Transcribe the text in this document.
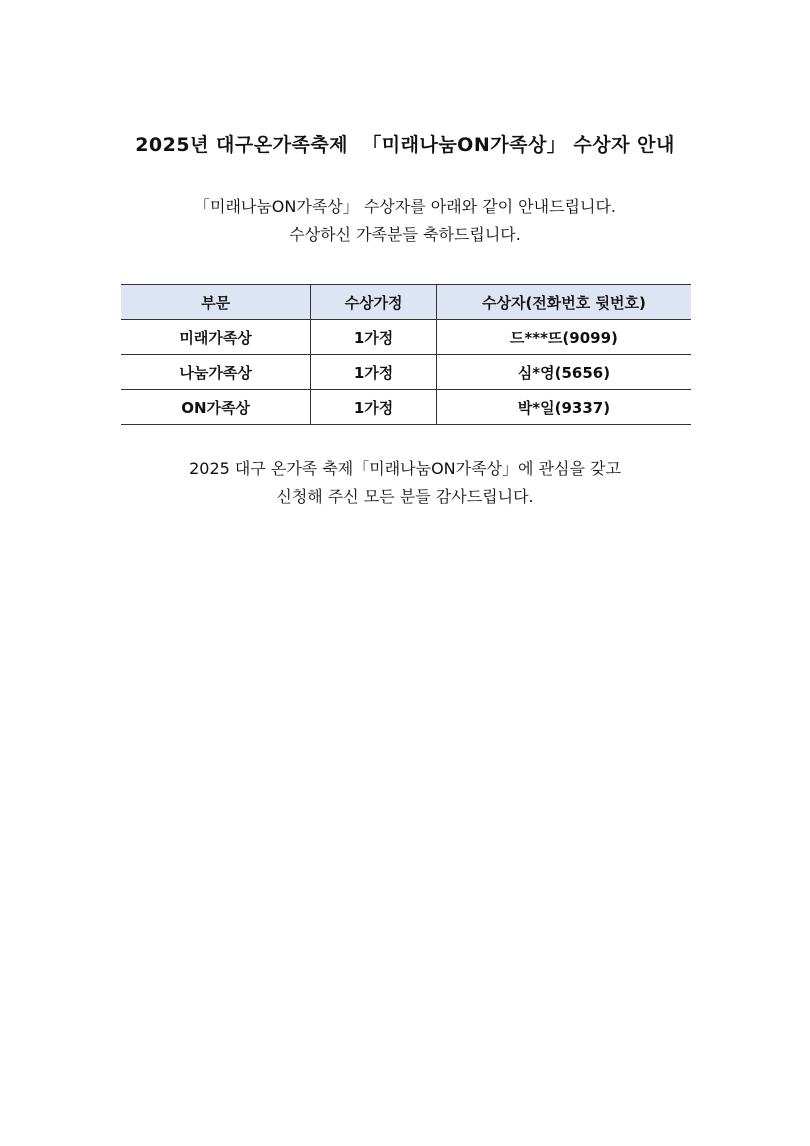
2025년 대구온가족축제  「미래나눔ON가족상」 수상자 안내
「미래나눔ON가족상」 수상자를 아래와 같이 안내드립니다.
수상하신 가족분들 축하드립니다.
부문	수상가정	수상자(전화번호 뒷번호)
미래가족상	1가정	드***뜨(9099)
나눔가족상	1가정	심*영(5656)
ON가족상	1가정	박*일(9337)
2025 대구 온가족 축제「미래나눔ON가족상」에 관심을 갖고
신청해 주신 모든 분들 감사드립니다.
